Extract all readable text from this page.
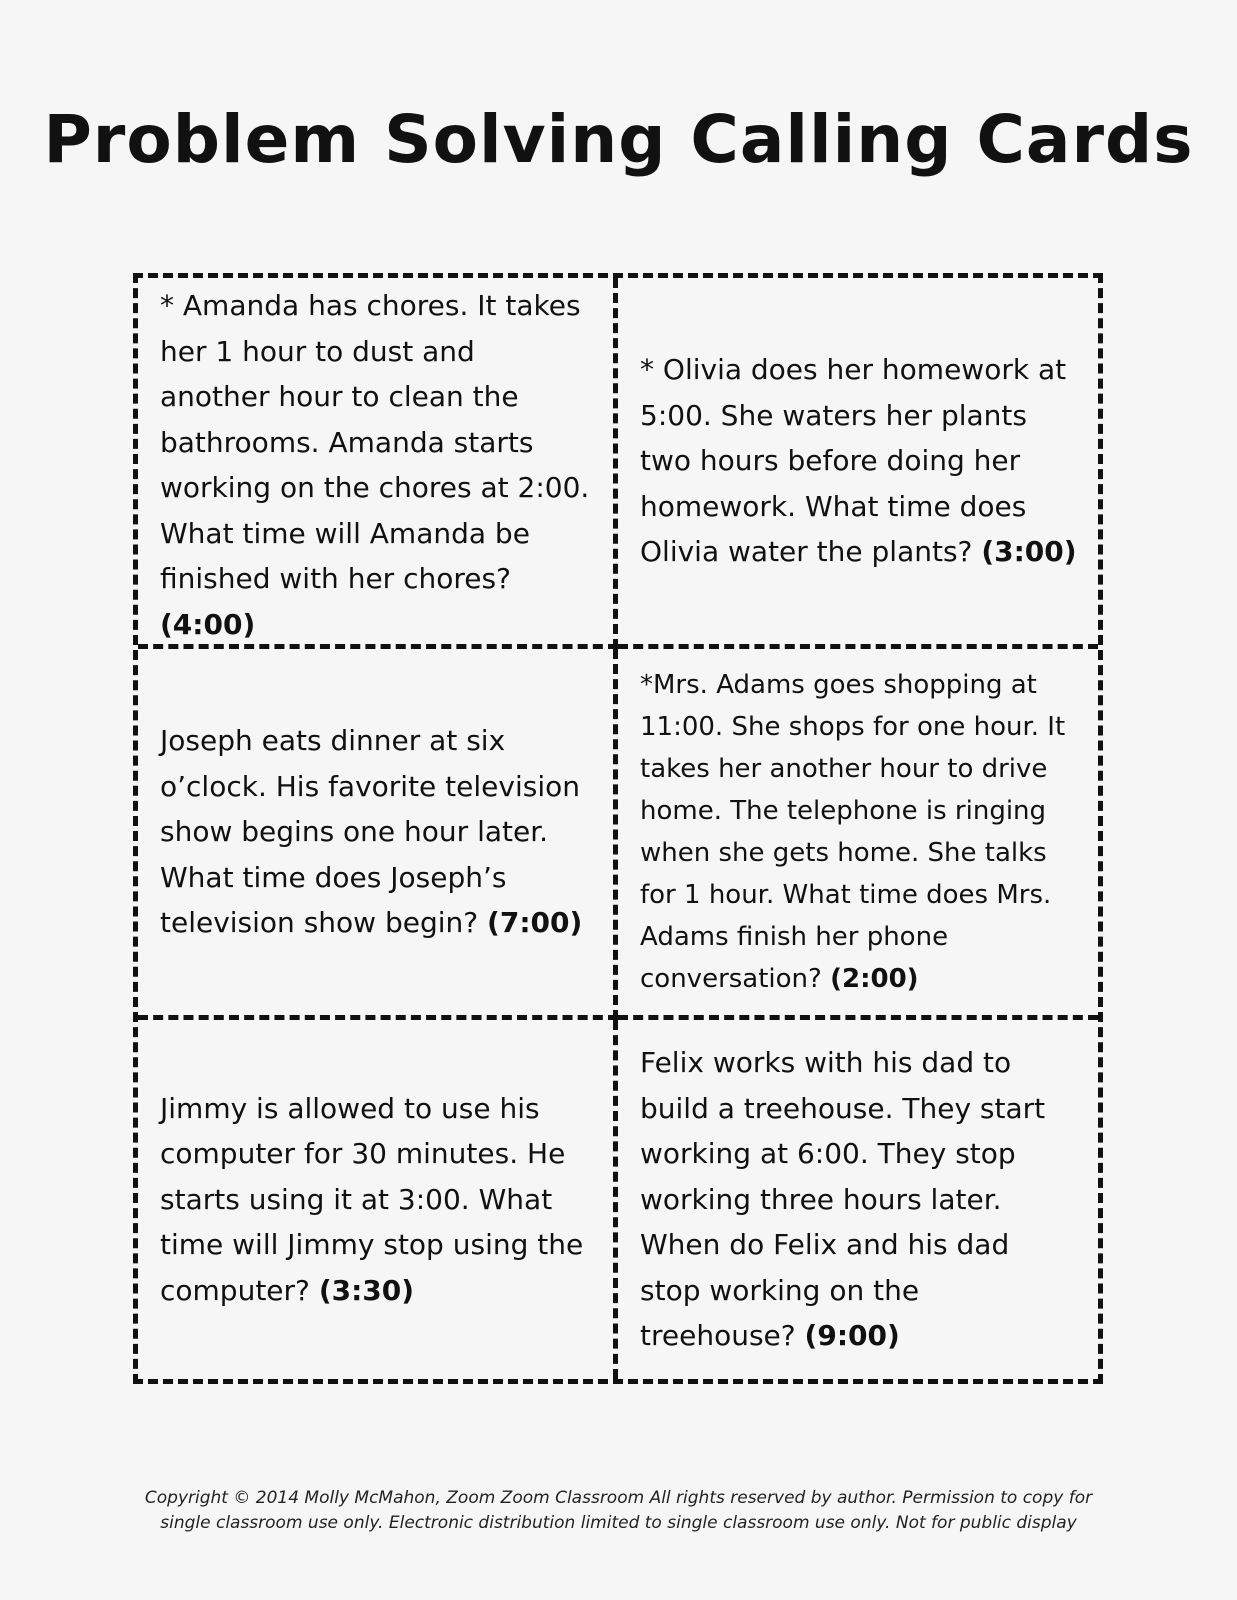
Problem Solving Calling Cards

* Amanda has chores. It takes her 1 hour to dust and another hour to clean the bathrooms. Amanda starts working on the chores at 2:00. What time will Amanda be finished with her chores? (4:00)

* Olivia does her homework at 5:00. She waters her plants two hours before doing her homework. What time does Olivia water the plants? (3:00)

Joseph eats dinner at six o’clock. His favorite television show begins one hour later. What time does Joseph’s television show begin? (7:00)

*Mrs. Adams goes shopping at 11:00. She shops for one hour. It takes her another hour to drive home. The telephone is ringing when she gets home. She talks for 1 hour. What time does Mrs. Adams finish her phone conversation? (2:00)

Jimmy is allowed to use his computer for 30 minutes. He starts using it at 3:00. What time will Jimmy stop using the computer? (3:30)

Felix works with his dad to build a treehouse. They start working at 6:00. They stop working three hours later. When do Felix and his dad stop working on the treehouse? (9:00)

Copyright © 2014 Molly McMahon, Zoom Zoom Classroom All rights reserved by author. Permission to copy for
single classroom use only. Electronic distribution limited to single classroom use only. Not for public display
